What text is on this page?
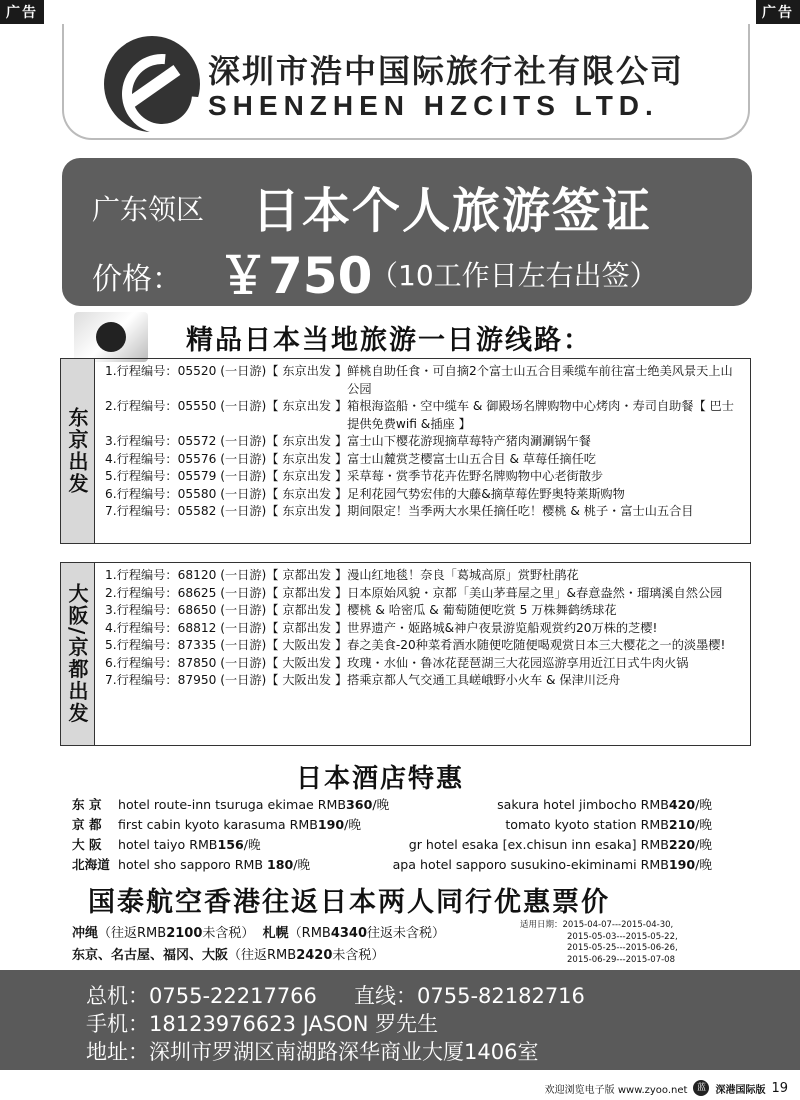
广告	广告
深圳市浩中国际旅行社有限公司
SHENZHEN HZCITS LTD.
广东领区 日本个人旅游签证
价格： ￥750
（10工作日左右出签）
精品日本当地旅游一日游线路：
东京出发
1.行程编号：05520 (一日游)【 东京出发 】 鲜桃自助任食・可自摘2个富士山五合目乘缆车前往富士绝美风景天上山公园
2.行程编号：05550 (一日游)【 东京出发 】 箱根海盗船・空中缆车 & 御殿场名牌购物中心烤肉・寿司自助餐【 巴士提供免费wifi &插座 】
3.行程编号：05572 (一日游)【 东京出发 】 富士山下樱花游现摘草莓特产猪肉涮涮锅午餐
4.行程编号：05576 (一日游)【 东京出发 】 富士山麓赏芝樱富士山五合目 & 草莓任摘任吃
5.行程编号：05579 (一日游)【 东京出发 】 采草莓・赏季节花卉佐野名牌购物中心老街散步
6.行程编号：05580 (一日游)【 东京出发 】 足利花园气势宏伟的大藤&摘草莓佐野奥特莱斯购物
7.行程编号：05582 (一日游)【 东京出发 】 期间限定！当季两大水果任摘任吃！樱桃 & 桃子・富士山五合目
大阪/京都出发
1.行程编号：68120 (一日游)【 京都出发 】 漫山红地毯！奈良「葛城高原」赏野杜鹃花
2.行程编号：68625 (一日游)【 京都出发 】 日本原始风貌・京都「美山茅葺屋之里」&春意盎然・瑠璃溪自然公园
3.行程编号：68650 (一日游)【 京都出发 】 樱桃 & 哈密瓜 & 葡萄随便吃赏 5 万株舞鹤绣球花
4.行程编号：68812 (一日游)【 京都出发 】 世界遗产・姬路城&神户夜景游览船观赏约20万株的芝樱!
5.行程编号：87335 (一日游)【 大阪出发 】 春之美食-20种菜肴酒水随便吃随便喝观赏日本三大樱花之一的淡墨樱!
6.行程编号：87850 (一日游)【 大阪出发 】 玫瑰・水仙・鲁冰花琵琶湖三大花园巡游享用近江日式牛肉火锅
7.行程编号：87950 (一日游)【 大阪出发 】 搭乘京都人气交通工具嵯峨野小火车 & 保津川泛舟
日本酒店特惠
东 京 hotel route-inn tsuruga ekimae RMB360/晚	sakura hotel jimbocho RMB420/晚
京 都 first cabin kyoto karasuma RMB190/晚	tomato kyoto station RMB210/晚
大 阪 hotel taiyo RMB156/晚	gr hotel esaka [ex.chisun inn esaka] RMB220/晚
北海道 hotel sho sapporo RMB 180/晚	apa hotel sapporo susukino-ekiminami RMB190/晚
国泰航空香港往返日本两人同行优惠票价
冲绳（往返RMB2100未含税） 札幌（RMB4340往返未含税）
东京、名古屋、福冈、大阪（往返RMB2420未含税）
适用日期：2015-04-07---2015-04-30,
2015-05-03---2015-05-22,
2015-05-25---2015-06-26,
2015-06-29---2015-07-08
总机：0755-22217766 直线：0755-82182716
手机：18123976623 JASON 罗先生
地址：深圳市罗湖区南湖路深华商业大厦1406室
欢迎浏览电子版 www.zyoo.net	蓝 深港国际版 19
